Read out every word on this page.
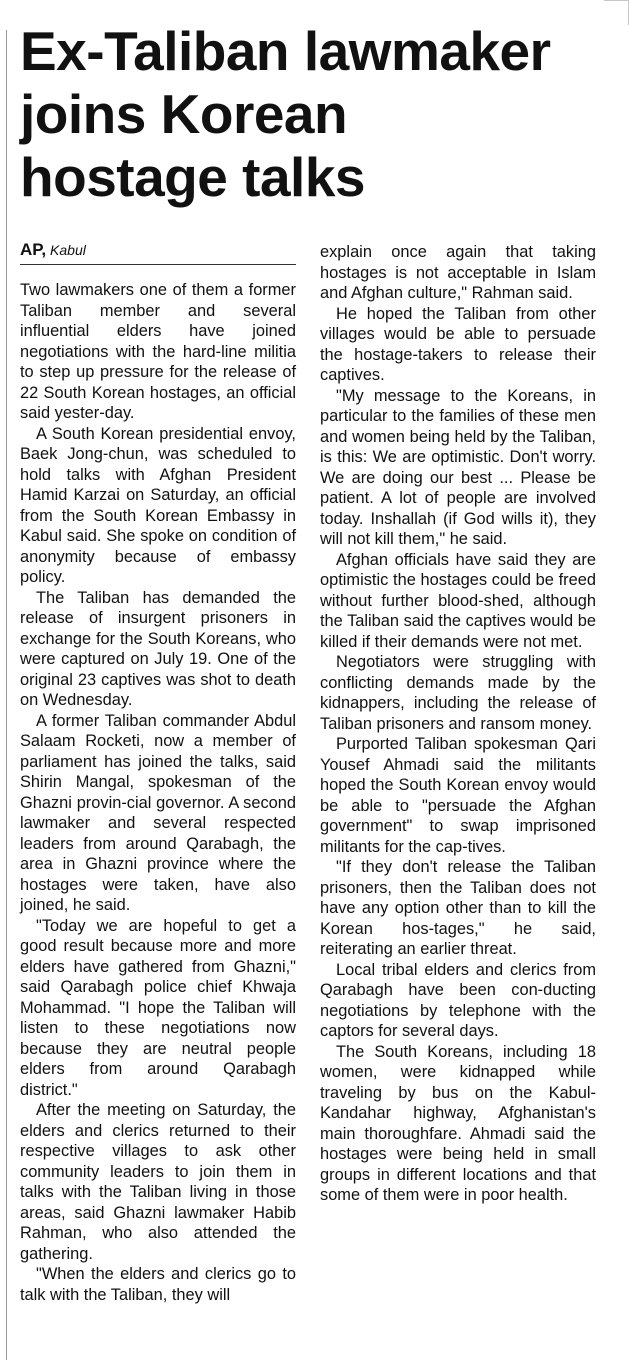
Ex-Taliban lawmaker
joins Korean
hostage talks
AP, Kabul

Two lawmakers one of them a former Taliban member and several influential elders have joined negotiations with the hard-line militia to step up pressure for the release of 22 South Korean hostages, an official said yester-day.

A South Korean presidential envoy, Baek Jong-chun, was scheduled to hold talks with Afghan President Hamid Karzai on Saturday, an official from the South Korean Embassy in Kabul said. She spoke on condition of anonymity because of embassy policy.

The Taliban has demanded the release of insurgent prisoners in exchange for the South Koreans, who were captured on July 19. One of the original 23 captives was shot to death on Wednesday.

A former Taliban commander Abdul Salaam Rocketi, now a member of parliament has joined the talks, said Shirin Mangal, spokesman of the Ghazni provin-cial governor. A second lawmaker and several respected leaders from around Qarabagh, the area in Ghazni province where the hostages were taken, have also joined, he said.

"Today we are hopeful to get a good result because more and more elders have gathered from Ghazni," said Qarabagh police chief Khwaja Mohammad. "I hope the Taliban will listen to these negotiations now because they are neutral people elders from around Qarabagh district."

After the meeting on Saturday, the elders and clerics returned to their respective villages to ask other community leaders to join them in talks with the Taliban living in those areas, said Ghazni lawmaker Habib Rahman, who also attended the gathering.

"When the elders and clerics go to talk with the Taliban, they will

explain once again that taking hostages is not acceptable in Islam and Afghan culture," Rahman said.

He hoped the Taliban from other villages would be able to persuade the hostage-takers to release their captives.

"My message to the Koreans, in particular to the families of these men and women being held by the Taliban, is this: We are optimistic. Don't worry. We are doing our best ... Please be patient. A lot of people are involved today. Inshallah (if God wills it), they will not kill them," he said.

Afghan officials have said they are optimistic the hostages could be freed without further blood-shed, although the Taliban said the captives would be killed if their demands were not met.

Negotiators were struggling with conflicting demands made by the kidnappers, including the release of Taliban prisoners and ransom money.

Purported Taliban spokesman Qari Yousef Ahmadi said the militants hoped the South Korean envoy would be able to "persuade the Afghan government" to swap imprisoned militants for the cap-tives.

"If they don't release the Taliban prisoners, then the Taliban does not have any option other than to kill the Korean hos-tages," he said, reiterating an earlier threat.

Local tribal elders and clerics from Qarabagh have been con-ducting negotiations by telephone with the captors for several days.

The South Koreans, including 18 women, were kidnapped while traveling by bus on the Kabul-Kandahar highway, Afghanistan's main thoroughfare. Ahmadi said the hostages were being held in small groups in different locations and that some of them were in poor health.
